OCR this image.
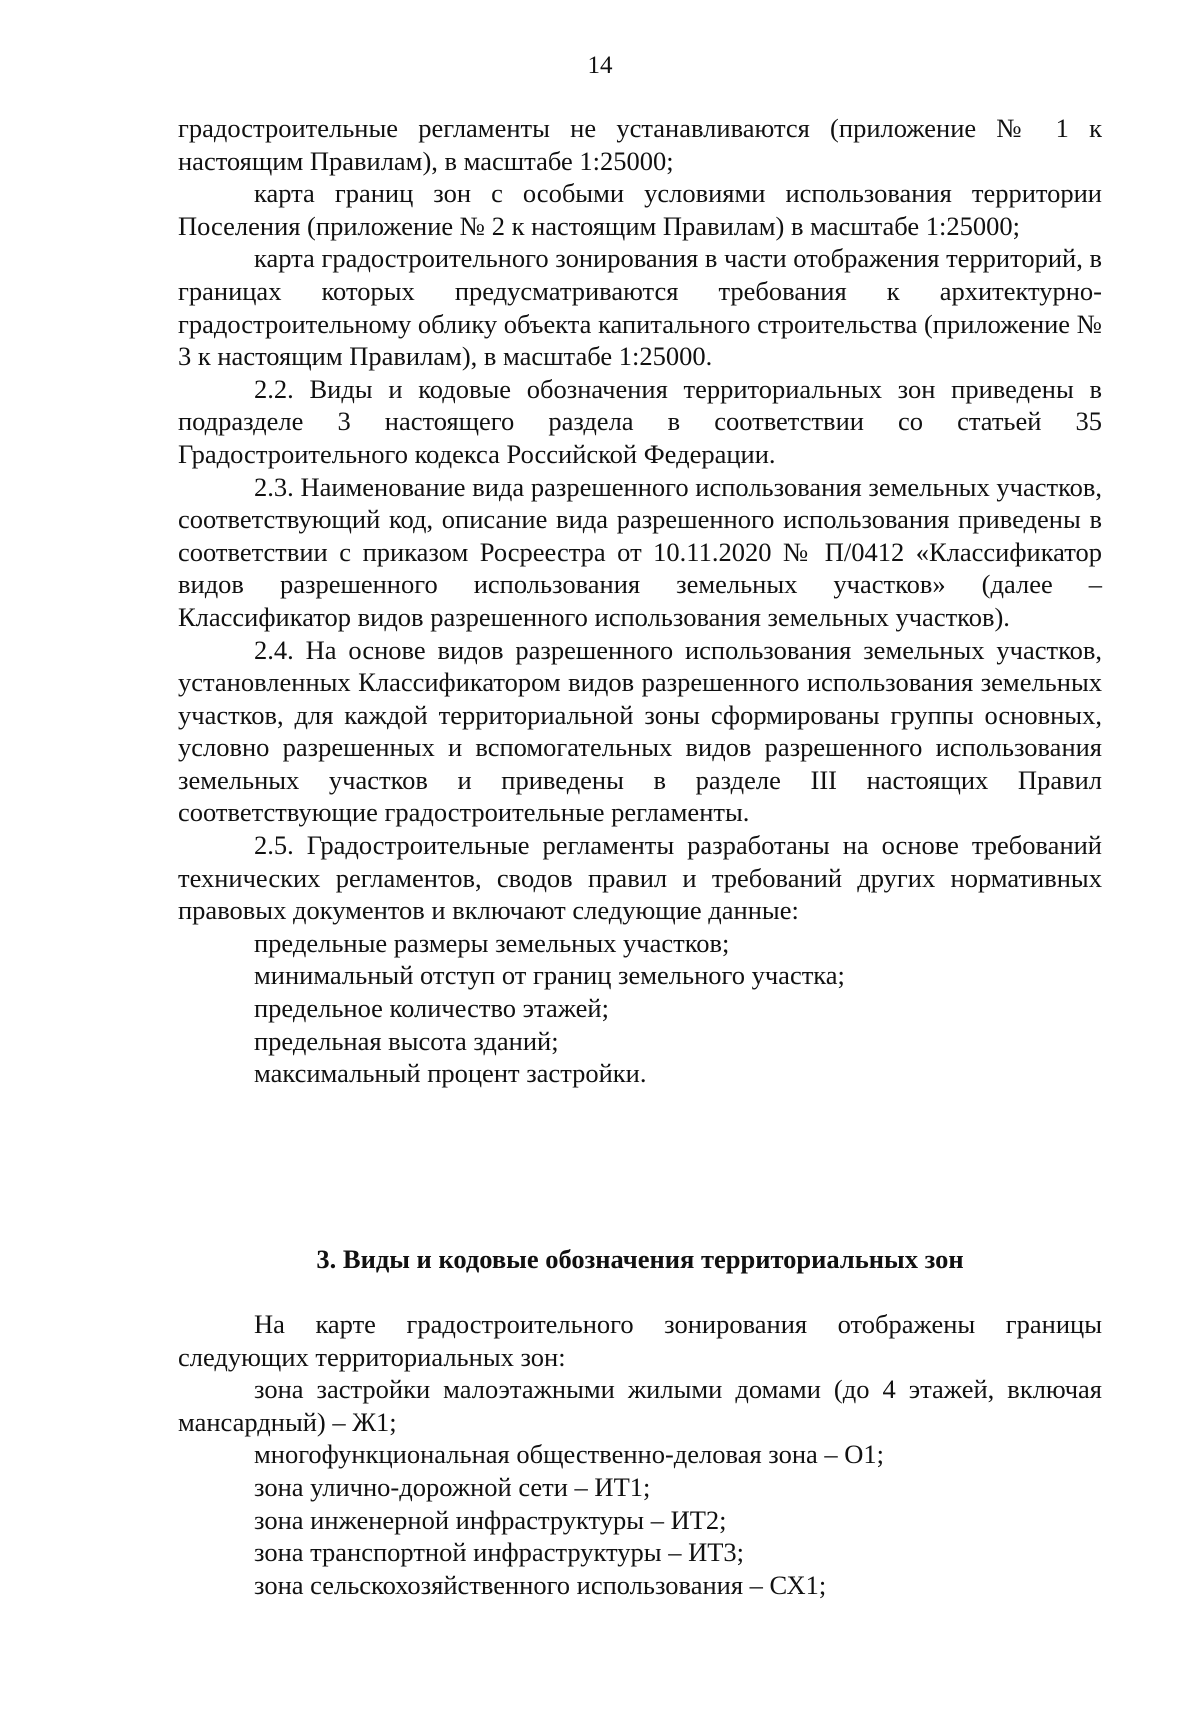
14

градостроительные регламенты не устанавливаются (приложение № 1 к настоящим Правилам), в масштабе 1:25000;

карта границ зон с особыми условиями использования территории Поселения (приложение № 2 к настоящим Правилам) в масштабе 1:25000;

карта градостроительного зонирования в части отображения территорий, в границах которых предусматриваются требования к архитектурно-градостроительному облику объекта капитального строительства (приложение № 3 к настоящим Правилам), в масштабе 1:25000.

2.2. Виды и кодовые обозначения территориальных зон приведены в подразделе 3 настоящего раздела в соответствии со статьей 35 Градостроительного кодекса Российской Федерации.

2.3. Наименование вида разрешенного использования земельных участков, соответствующий код, описание вида разрешенного использования приведены в соответствии с приказом Росреестра от 10.11.2020 № П/0412 «Классификатор видов разрешенного использования земельных участков» (далее – Классификатор видов разрешенного использования земельных участков).

2.4. На основе видов разрешенного использования земельных участков, установленных Классификатором видов разрешенного использования земельных участков, для каждой территориальной зоны сформированы группы основных, условно разрешенных и вспомогательных видов разрешенного использования земельных участков и приведены в разделе III настоящих Правил соответствующие градостроительные регламенты.

2.5. Градостроительные регламенты разработаны на основе требований технических регламентов, сводов правил и требований других нормативных правовых документов и включают следующие данные:

предельные размеры земельных участков;

минимальный отступ от границ земельного участка;

предельное количество этажей;

предельная высота зданий;

максимальный процент застройки.

3. Виды и кодовые обозначения территориальных зон

На карте градостроительного зонирования отображены границы следующих территориальных зон:

зона застройки малоэтажными жилыми домами (до 4 этажей, включая мансардный) – Ж1;

многофункциональная общественно-деловая зона – О1;

зона улично-дорожной сети – ИТ1;

зона инженерной инфраструктуры – ИТ2;

зона транспортной инфраструктуры – ИТ3;

зона сельскохозяйственного использования – СХ1;
